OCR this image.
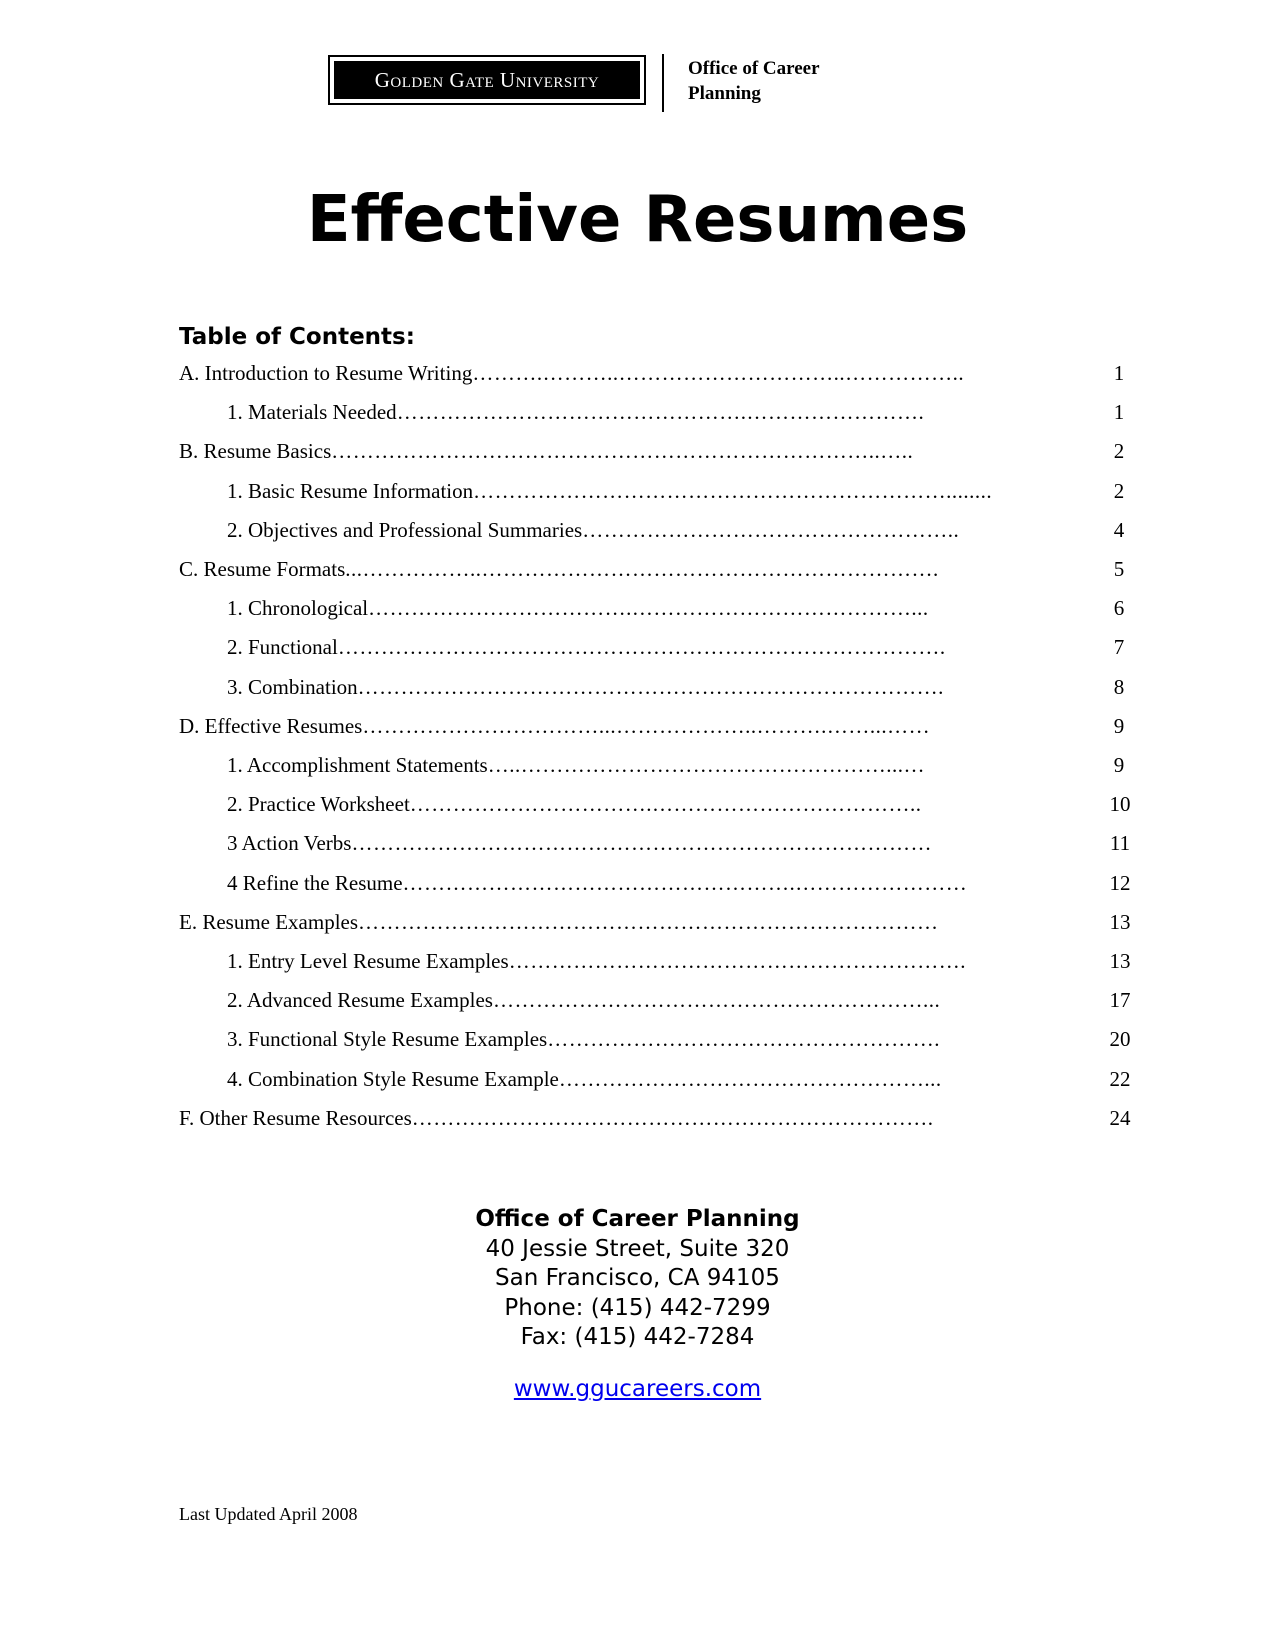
Golden Gate University	Office of Career
Planning
Effective Resumes
Table of Contents:
A. Introduction to Resume Writing……….………..…………………………..……………..	1
1. Materials Needed………………………………………….…………………….	1
B. Resume Basics…………………………………………………………………..…..	2
1. Basic Resume Information…………………………………………………………........	2
2. Objectives and Professional Summaries……………………………………………..	4
C. Resume Formats...……………..……………………………………………………….	5
1. Chronological……………………………….…………………………………...	6
2. Functional………………………………………………………………………….	7
3. Combination……………………………………………………………………….	8
D. Effective Resumes……………………………...………………..……….……...……	9
1. Accomplishment Statements…..……………………………………………...…	9
2. Practice Worksheet…………………………….………………………………..	10
3 Action Verbs………………………………………………………………………	11
4 Refine the Resume……………………………………………….……………………	12
E. Resume Examples………………………………………………………………………	13
1. Entry Level Resume Examples……………………………………………………….	13
2. Advanced Resume Examples……………………………………………………...	17
3. Functional Style Resume Examples……………………………………………….	20
4. Combination Style Resume Example……………………………………………...	22
F. Other Resume Resources……………………………………………………………….	24
Office of Career Planning
40 Jessie Street, Suite 320
San Francisco, CA 94105
Phone: (415) 442-7299
Fax: (415) 442-7284
www.ggucareers.com
Last Updated April 2008
